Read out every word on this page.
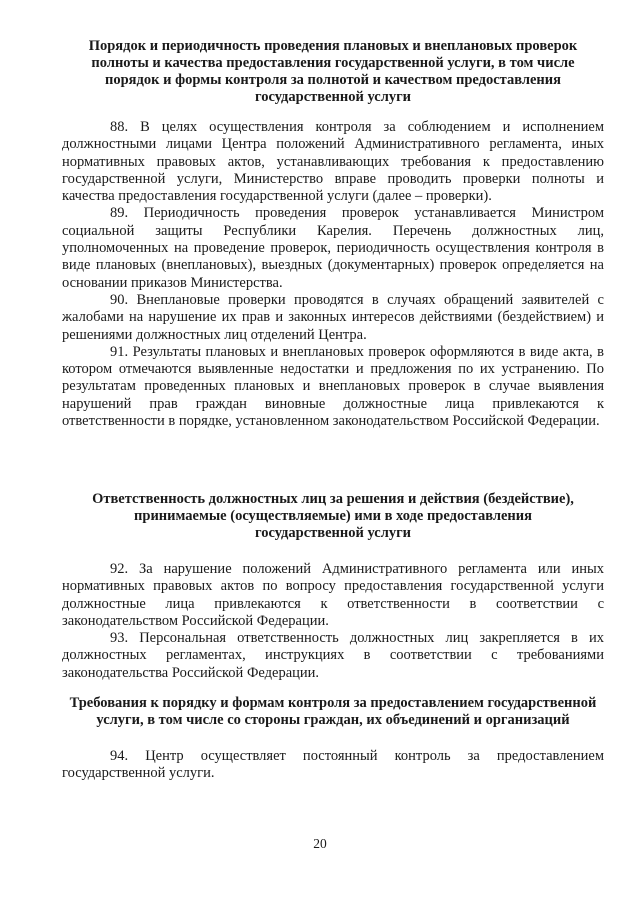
Порядок и периодичность проведения плановых и внеплановых проверок полноты и качества предоставления государственной услуги, в том числе порядок и формы контроля за полнотой и качеством предоставления государственной услуги

88. В целях осуществления контроля за соблюдением и исполнением должностными лицами Центра положений Административного регламента, иных нормативных правовых актов, устанавливающих требования к предоставлению государственной услуги, Министерство вправе проводить проверки полноты и качества предоставления государственной услуги (далее – проверки).

89. Периодичность проведения проверок устанавливается Министром социальной защиты Республики Карелия. Перечень должностных лиц, уполномоченных на проведение проверок, периодичность осуществления контроля в виде плановых (внеплановых), выездных (документарных) проверок определяется на основании приказов Министерства.

90. Внеплановые проверки проводятся в случаях обращений заявителей с жалобами на нарушение их прав и законных интересов действиями (бездействием) и решениями должностных лиц отделений Центра.

91. Результаты плановых и внеплановых проверок оформляются в виде акта, в котором отмечаются выявленные недостатки и предложения по их устранению. По результатам проведенных плановых и внеплановых проверок в случае выявления нарушений прав граждан виновные должностные лица привлекаются к ответственности в порядке, установленном законодательством Российской Федерации.

Ответственность должностных лиц за решения и действия (бездействие), принимаемые (осуществляемые) ими в ходе предоставления государственной услуги

92. За нарушение положений Административного регламента или иных нормативных правовых актов по вопросу предоставления государственной услуги должностные лица привлекаются к ответственности в соответствии с законодательством Российской Федерации.

93. Персональная ответственность должностных лиц закрепляется в их должностных регламентах, инструкциях в соответствии с требованиями законодательства Российской Федерации.

Требования к порядку и формам контроля за предоставлением государственной услуги, в том числе со стороны граждан, их объединений и организаций

94. Центр осуществляет постоянный контроль за предоставлением государственной услуги.

20
